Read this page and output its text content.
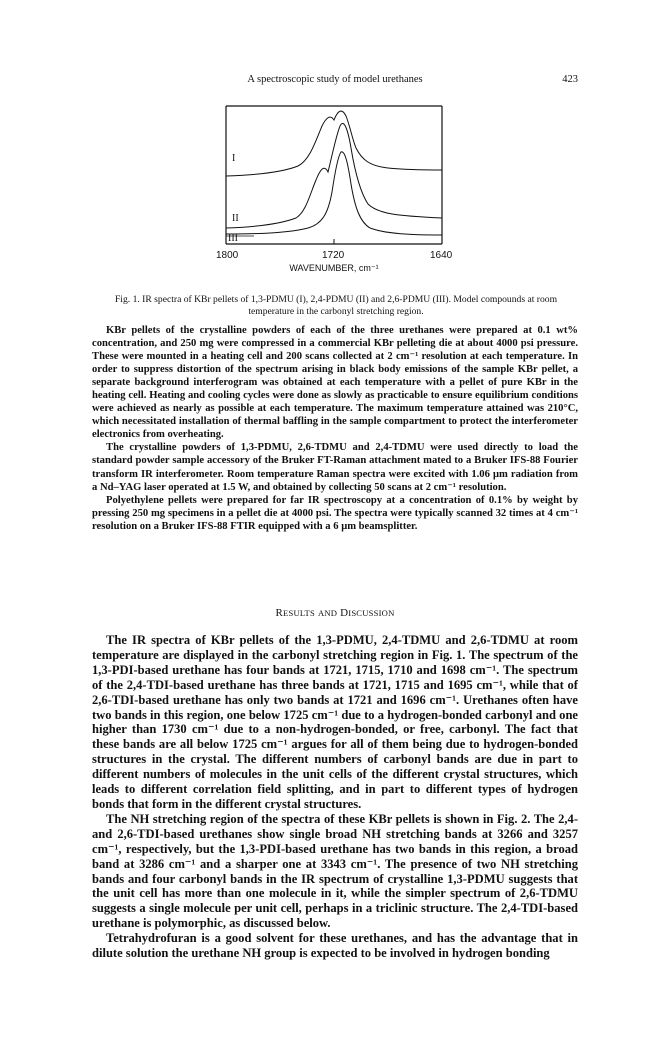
A spectroscopic study of model urethanes	423
I
II
III
1800	1720	1640
WAVENUMBER, cm⁻¹
Fig. 1. IR spectra of KBr pellets of 1,3-PDMU (I), 2,4-PDMU (II) and 2,6-PDMU (III). Model compounds at room temperature in the carbonyl stretching region.

KBr pellets of the crystalline powders of each of the three urethanes were prepared at 0.1 wt% concentration, and 250 mg were compressed in a commercial KBr pelleting die at about 4000 psi pressure. These were mounted in a heating cell and 200 scans collected at 2 cm⁻¹ resolution at each temperature. In order to suppress distortion of the spectrum arising in black body emissions of the sample KBr pellet, a separate background interferogram was obtained at each temperature with a pellet of pure KBr in the heating cell. Heating and cooling cycles were done as slowly as practicable to ensure equilibrium conditions were achieved as nearly as possible at each temperature. The maximum temperature attained was 210°C, which necessitated installation of thermal baffling in the sample compartment to protect the interferometer electronics from overheating.

The crystalline powders of 1,3-PDMU, 2,6-TDMU and 2,4-TDMU were used directly to load the standard powder sample accessory of the Bruker FT-Raman attachment mated to a Bruker IFS-88 Fourier transform IR interferometer. Room temperature Raman spectra were excited with 1.06 μm radiation from a Nd–YAG laser operated at 1.5 W, and obtained by collecting 50 scans at 2 cm⁻¹ resolution.

Polyethylene pellets were prepared for far IR spectroscopy at a concentration of 0.1% by weight by pressing 250 mg specimens in a pellet die at 4000 psi. The spectra were typically scanned 32 times at 4 cm⁻¹ resolution on a Bruker IFS-88 FTIR equipped with a 6 μm beamsplitter.

RESULTS AND DISCUSSION

The IR spectra of KBr pellets of the 1,3-PDMU, 2,4-TDMU and 2,6-TDMU at room temperature are displayed in the carbonyl stretching region in Fig. 1. The spectrum of the 1,3-PDI-based urethane has four bands at 1721, 1715, 1710 and 1698 cm⁻¹. The spectrum of the 2,4-TDI-based urethane has three bands at 1721, 1715 and 1695 cm⁻¹, while that of 2,6-TDI-based urethane has only two bands at 1721 and 1696 cm⁻¹. Urethanes often have two bands in this region, one below 1725 cm⁻¹ due to a hydrogen-bonded carbonyl and one higher than 1730 cm⁻¹ due to a non-hydrogen-bonded, or free, carbonyl. The fact that these bands are all below 1725 cm⁻¹ argues for all of them being due to hydrogen-bonded structures in the crystal. The different numbers of carbonyl bands are due in part to different numbers of molecules in the unit cells of the different crystal structures, which leads to different correlation field splitting, and in part to different types of hydrogen bonds that form in the different crystal structures.

The NH stretching region of the spectra of these KBr pellets is shown in Fig. 2. The 2,4- and 2,6-TDI-based urethanes show single broad NH stretching bands at 3266 and 3257 cm⁻¹, respectively, but the 1,3-PDI-based urethane has two bands in this region, a broad band at 3286 cm⁻¹ and a sharper one at 3343 cm⁻¹. The presence of two NH stretching bands and four carbonyl bands in the IR spectrum of crystalline 1,3-PDMU suggests that the unit cell has more than one molecule in it, while the simpler spectrum of 2,6-TDMU suggests a single molecule per unit cell, perhaps in a triclinic structure. The 2,4-TDI-based urethane is polymorphic, as discussed below.

Tetrahydrofuran is a good solvent for these urethanes, and has the advantage that in dilute solution the urethane NH group is expected to be involved in hydrogen bonding
